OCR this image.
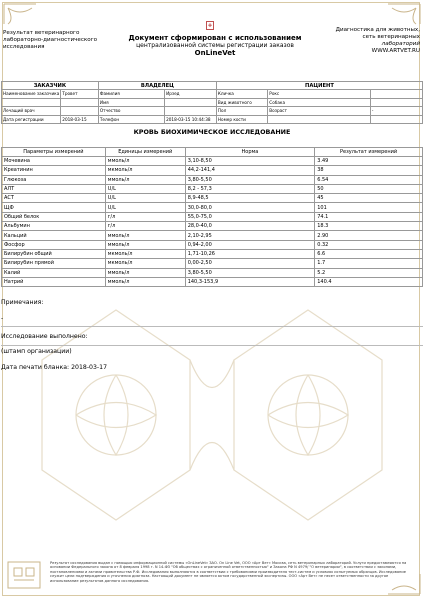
✚
Результат ветеринарного лабораторно-диагностического исследования
Документ сформирован с использованием
централизованной системы регистрации заказов
OnLineVet
Диагностика для животных,
сеть ветеринарных
лабораторий
WWW.ARTVET.RU
ЗАКАЗЧИК		ВЛАДЕЛЕЦ		ПАЦИЕНТ		
Наименование заказчика	Тровет	Фамилия	Ирзед	Кличка	Рокс	
		Имя		Вид животного	Собака	
Лечащий врач		Отчество		Пол	Возраст	-
Дата регистрации	2018-03-15	Телефон	2018-03-15 10:44:38	Номер кости		
КРОВЬ БИОХИМИЧЕСКОЕ ИССЛЕДОВАНИЕ
Параметры измерений	Единицы измерений	Норма	Результат измерений
Мочевина	ммоль/л	3,10-8,50	3.49
Креатинин	мкмоль/л	44,2-141,4	38
Глюкоза	ммоль/л	3,80-5,50	6.54
АЛТ	U/L	8,2 - 57,3	50
АСТ	U/L	8,9-48,5	45
ЩФ	U/L	30,0-80,0	101
Общий белок	г/л	55,0-75,0	74.1
Альбумин	г/л	28,0-40,0	18.3
Кальций	ммоль/л	2,10-2,95	2.90
Фосфор	ммоль/л	0,94-2,00	0.32
Билирубин общий	мкмоль/л	1,71-10,26	6.6
Билирубин прямой	мкмоль/л	0,00-2,50	1.7
Калий	ммоль/л	3,80-5,50	5.2
Натрий	ммоль/л	140,3-153,9	140.4
Примечания:
-
Исследование выполнено:
(штамп организации)
Дата печати бланка: 2018-03-17
Результат исследования выдан с помощью информационной системы «OnLineVet» ЗАО. On Line Vet, ООО «Арт Вет» Москва, сеть ветеринарных лабораторий. Услуги предоставляются на основании Федерального закона от 8 февраля 1998 г. N 14-ФЗ "Об обществах с ограниченной ответственностью" и Закона РФ N 4979/ "О ветеринарии", в соответствии с законами, постановлениями и актами правительства Р.Ф. Исследования выполняются в соответствии с требованиями производителя тест-систем и условиях испытуемых образцов. Исследование служит цели подтверждения и уточнения диагноза. Настоящий документ не является актом государственной экспертизы. ООО «Арт Вет» не несет ответственности за другое использование результатов данного исследования.
